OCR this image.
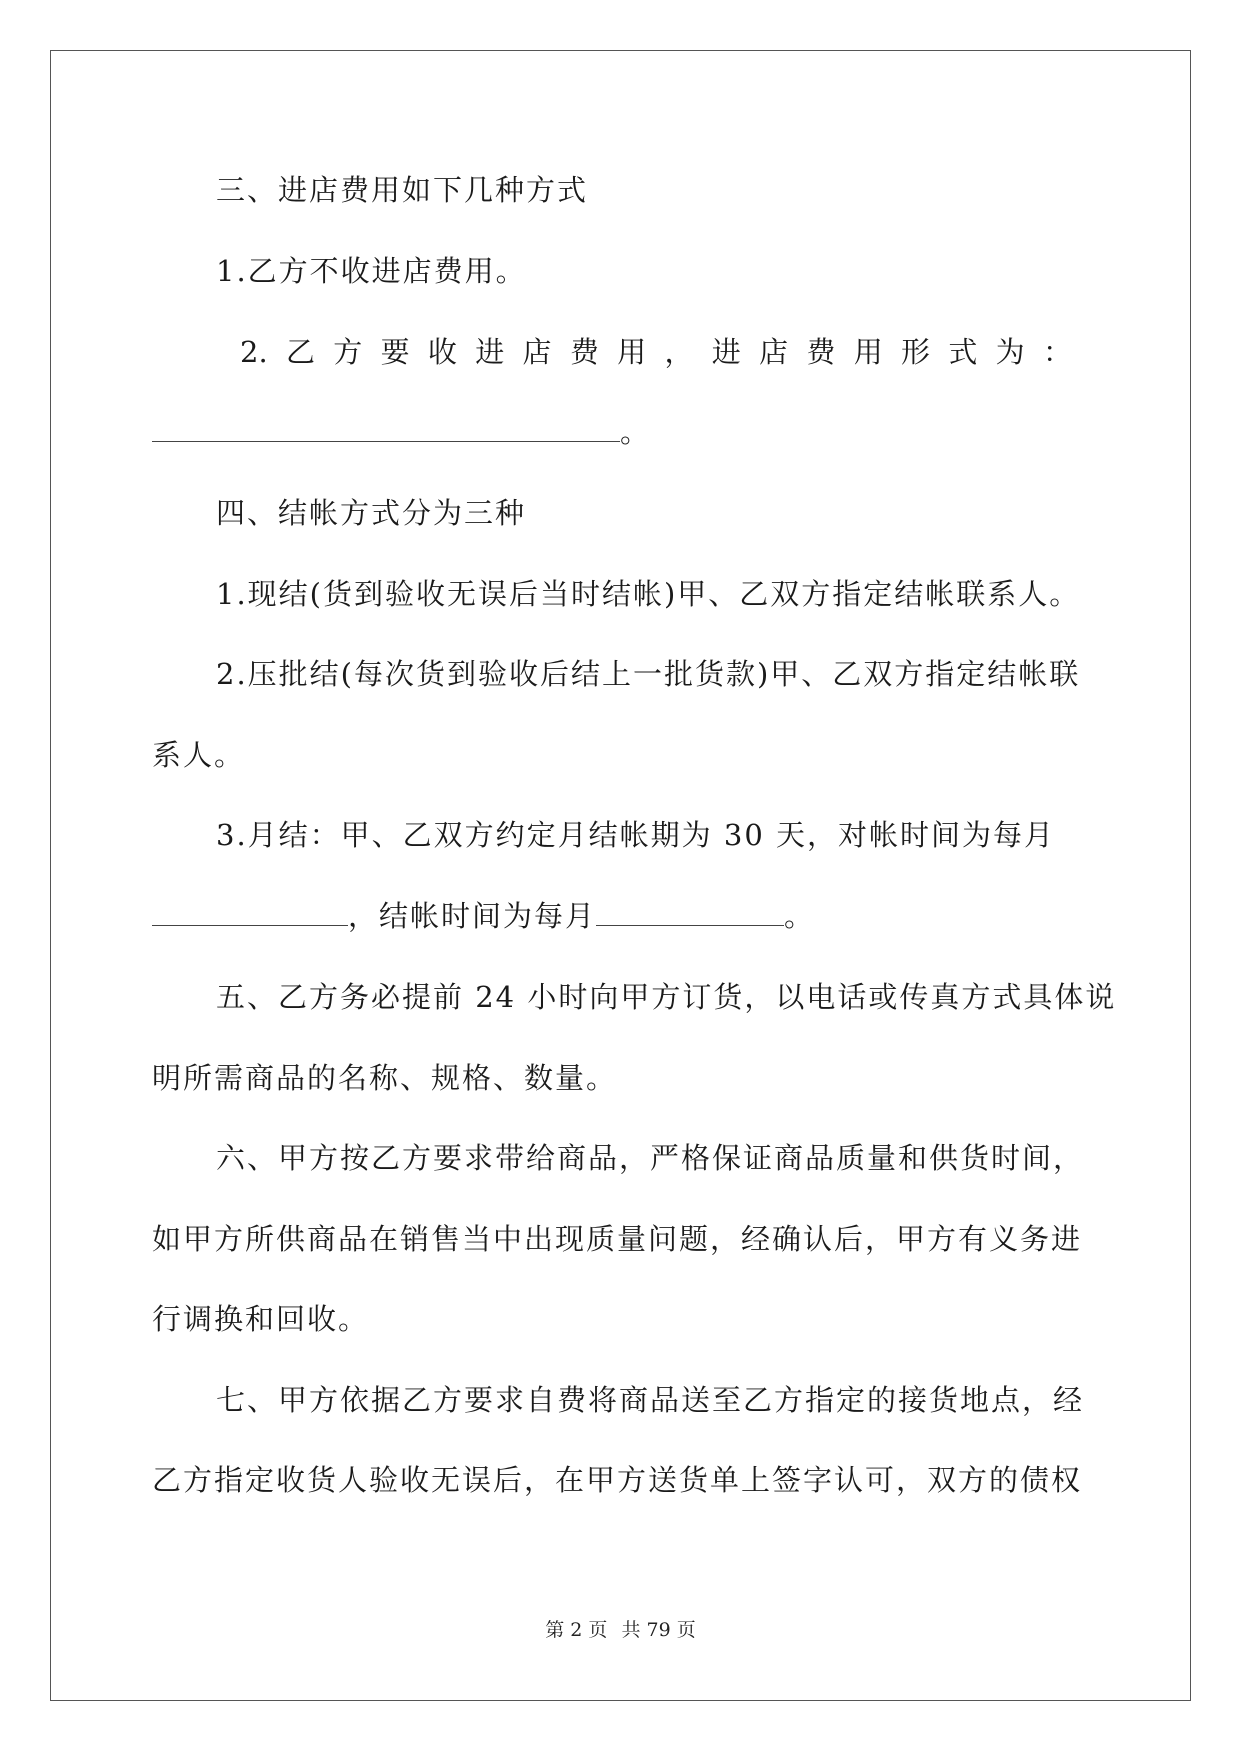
三、进店费用如下几种方式
1.乙方不收进店费用。
2. 乙 方 要 收 进 店 费 用 ， 进 店 费 用 形 式 为 ：
。
四、结帐方式分为三种
1.现结(货到验收无误后当时结帐)甲、乙双方指定结帐联系人。
2.压批结(每次货到验收后结上一批货款)甲、乙双方指定结帐联
系人。
3.月结：甲、乙双方约定月结帐期为 30 天，对帐时间为每月
，结帐时间为每月	。
五、乙方务必提前 24 小时向甲方订货，以电话或传真方式具体说
明所需商品的名称、规格、数量。
六、甲方按乙方要求带给商品，严格保证商品质量和供货时间，
如甲方所供商品在销售当中出现质量问题，经确认后，甲方有义务进
行调换和回收。
七、甲方依据乙方要求自费将商品送至乙方指定的接货地点，经
乙方指定收货人验收无误后，在甲方送货单上签字认可，双方的债权
第 2 页 共 79 页
